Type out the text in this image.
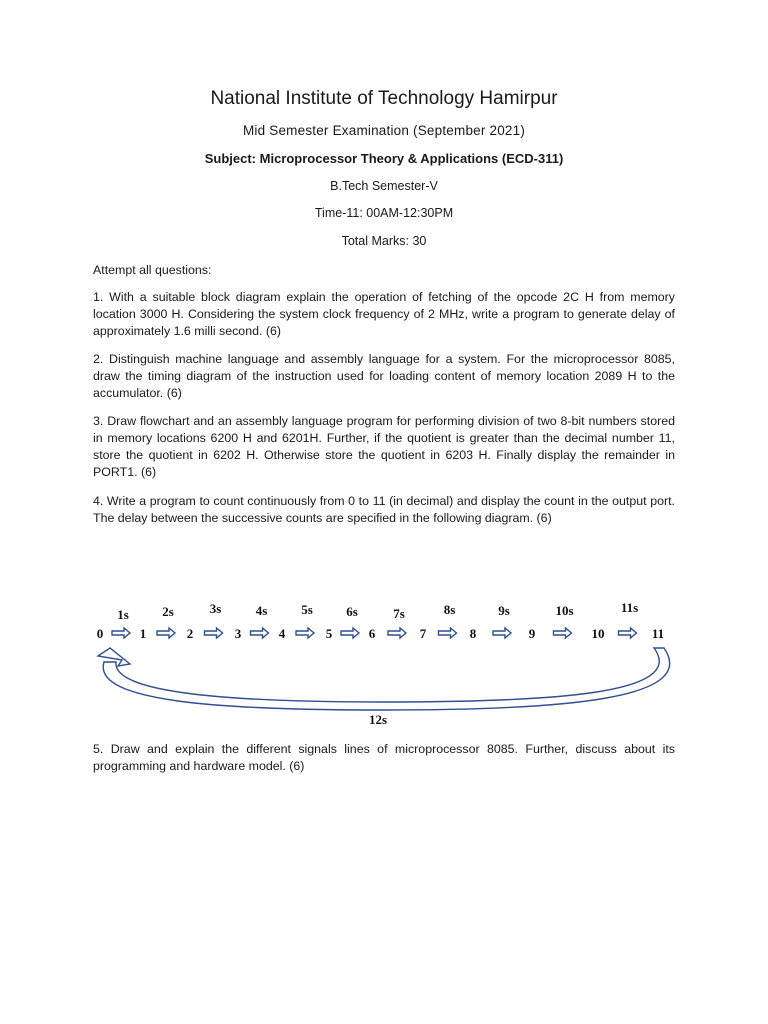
National Institute of Technology Hamirpur
Mid Semester Examination (September 2021)
Subject: Microprocessor Theory & Applications (ECD-311)
B.Tech Semester-V
Time-11: 00AM-12:30PM
Total Marks: 30
Attempt all questions:
1. With a suitable block diagram explain the operation of fetching of the opcode 2C H from memory location 3000 H. Considering the system clock frequency of 2 MHz, write a program to generate delay of approximately 1.6 milli second. (6)
2. Distinguish machine language and assembly language for a system. For the microprocessor 8085, draw the timing diagram of the instruction used for loading content of memory location 2089 H to the accumulator. (6)
3. Draw flowchart and an assembly language program for performing division of two 8-bit numbers stored in memory locations 6200 H and 6201H. Further, if the quotient is greater than the decimal number 11, store the quotient in 6202 H. Otherwise store the quotient in 6203 H. Finally display the remainder in PORT1. (6)
4. Write a program to count continuously from 0 to 11 (in decimal) and display the count in the output port. The delay between the successive counts are specified in the following diagram. (6)
0	1	2	3	4	5	6	7	8	9	10	11
1s	2s	3s	4s	5s	6s	7s	8s	9s	10s	11s
12s
5. Draw and explain the different signals lines of microprocessor 8085. Further, discuss about its programming and hardware model. (6)
